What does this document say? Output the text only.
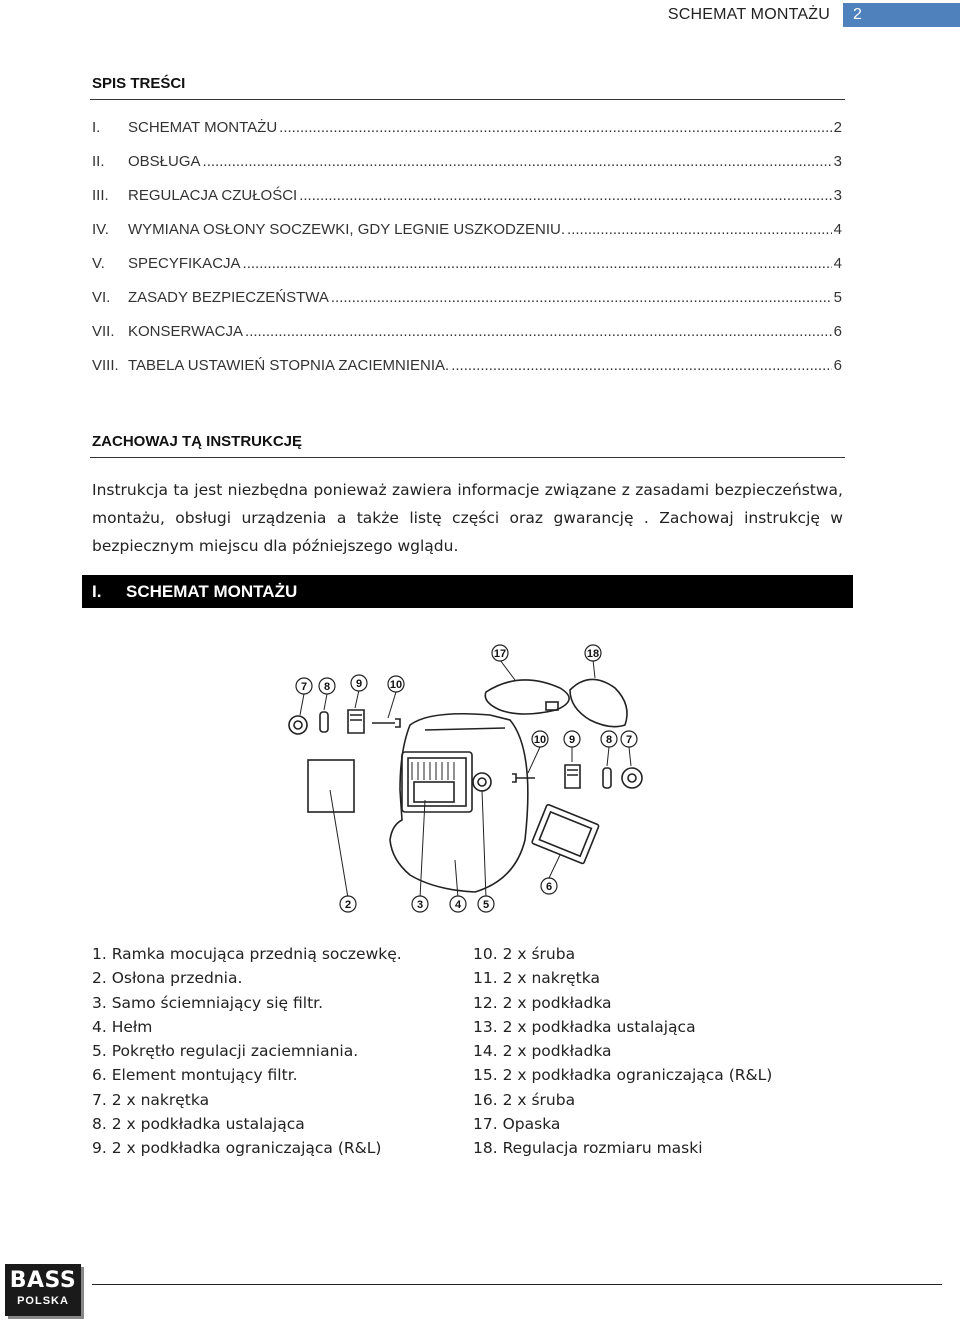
SCHEMAT MONTAŻU	2
SPIS TREŚCI
I.	SCHEMAT MONTAŻU .....	2
II.	OBSŁUGA .....	3
III.	REGULACJA CZUŁOŚCI .....	3
IV.	WYMIANA OSŁONY SOCZEWKI, GDY LEGNIE USZKODZENIU. .....	4
V.	SPECYFIKACJA .....	4
VI.	ZASADY BEZPIECZEŃSTWA .....	5
VII. KONSERWACJA .....	6
VIII. TABELA USTAWIEŃ STOPNIA ZACIEMNIENIA. .....	6
ZACHOWAJ TĄ INSTRUKCJĘ
Instrukcja ta jest niezbędna ponieważ zawiera informacje związane z zasadami bezpieczeństwa, montażu, obsługi urządzenia a także listę części oraz gwarancję . Zachowaj instrukcję w bezpiecznym miejscu dla późniejszego wglądu.
I. SCHEMAT MONTAŻU
2	3	4 5
6
7 8 9	10
10 9	8 7
17	18
1. Ramka mocująca przednią soczewkę.
2. Osłona przednia.
3. Samo ściemniający się filtr.
4. Hełm
5. Pokrętło regulacji zaciemniania.
6. Element montujący filtr.
7. 2 x nakrętka
8. 2 x podkładka ustalająca
9. 2 x podkładka ograniczająca (R&L)
10. 2 x śruba
11. 2 x nakrętka
12. 2 x podkładka
13. 2 x podkładka ustalająca
14. 2 x podkładka
15. 2 x podkładka ograniczająca (R&L)
16. 2 x śruba
17. Opaska
18. Regulacja rozmiaru maski
BASS
POLSKA
